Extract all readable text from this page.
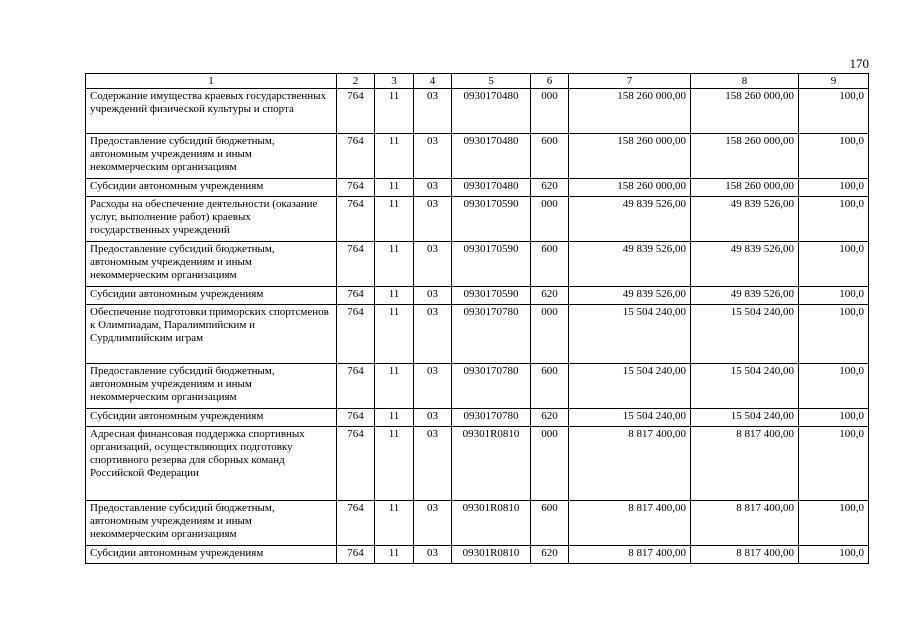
170
1	2	3	4	5	6	7	8	9
Содержание имущества краевых государственных учреждений физической культуры и спорта	764	11	03	0930170480	000	158 260 000,00	158 260 000,00	100,0
Предоставление субсидий бюджетным, автономным учреждениям и иным некоммерческим организациям	764	11	03	0930170480	600	158 260 000,00	158 260 000,00	100,0
Субсидии автономным учреждениям	764	11	03	0930170480	620	158 260 000,00	158 260 000,00	100,0
Расходы на обеспечение деятельности (оказание услуг, выполнение работ) краевых государственных учреждений	764	11	03	0930170590	000	49 839 526,00	49 839 526,00	100,0
Предоставление субсидий бюджетным, автономным учреждениям и иным некоммерческим организациям	764	11	03	0930170590	600	49 839 526,00	49 839 526,00	100,0
Субсидии автономным учреждениям	764	11	03	0930170590	620	49 839 526,00	49 839 526,00	100,0
Обеспечение подготовки приморских спортсменов к Олимпиадам, Паралимпийским и Сурдлимпийским играм	764	11	03	0930170780	000	15 504 240,00	15 504 240,00	100,0
Предоставление субсидий бюджетным, автономным учреждениям и иным некоммерческим организациям	764	11	03	0930170780	600	15 504 240,00	15 504 240,00	100,0
Субсидии автономным учреждениям	764	11	03	0930170780	620	15 504 240,00	15 504 240,00	100,0
Адресная финансовая поддержка спортивных организаций, осуществляющих подготовку спортивного резерва для сборных команд Российской Федерации	764	11	03	09301R0810	000	8 817 400,00	8 817 400,00	100,0
Предоставление субсидий бюджетным, автономным учреждениям и иным некоммерческим организациям	764	11	03	09301R0810	600	8 817 400,00	8 817 400,00	100,0
Субсидии автономным учреждениям	764	11	03	09301R0810	620	8 817 400,00	8 817 400,00	100,0
